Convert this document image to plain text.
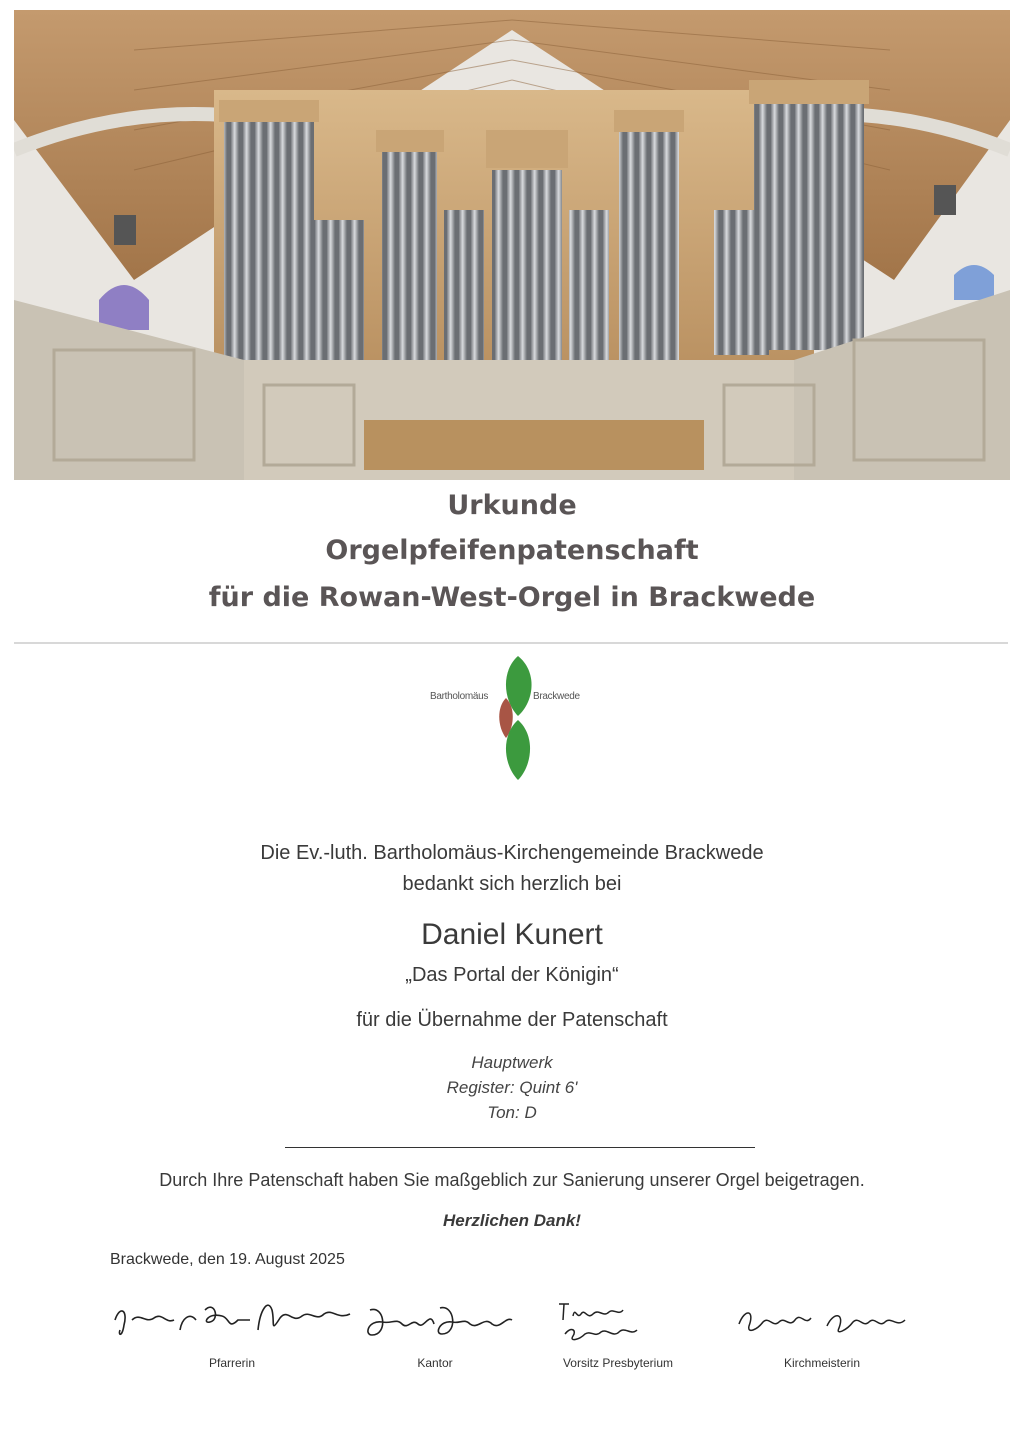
Urkunde
Orgelpfeifenpatenschaft
für die Rowan-West-Orgel in Brackwede
Bartholomäus	Brackwede
Die Ev.-luth. Bartholomäus-Kirchengemeinde Brackwede
bedankt sich herzlich bei
Daniel Kunert
„Das Portal der Königin“
für die Übernahme der Patenschaft
Hauptwerk
Register: Quint 6'
Ton: D
Durch Ihre Patenschaft haben Sie maßgeblich zur Sanierung unserer Orgel beigetragen.
Herzlichen Dank!
Brackwede, den 19. August 2025
Pfarrerin	Kantor	Vorsitz Presbyterium	Kirchmeisterin
